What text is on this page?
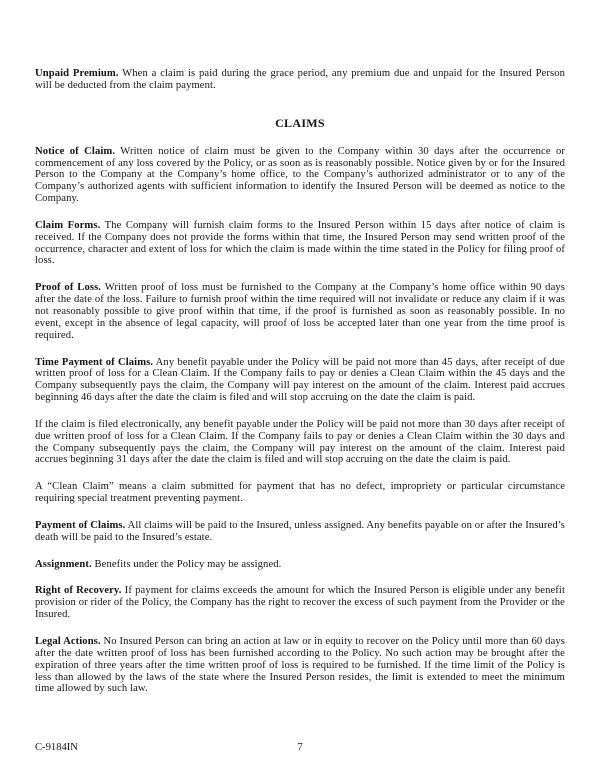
Unpaid Premium. When a claim is paid during the grace period, any premium due and unpaid for the Insured Person will be deducted from the claim payment.

CLAIMS

Notice of Claim. Written notice of claim must be given to the Company within 30 days after the occurrence or commencement of any loss covered by the Policy, or as soon as is reasonably possible. Notice given by or for the Insured Person to the Company at the Company’s home office, to the Company’s authorized administrator or to any of the Company’s authorized agents with sufficient information to identify the Insured Person will be deemed as notice to the Company.

Claim Forms. The Company will furnish claim forms to the Insured Person within 15 days after notice of claim is received. If the Company does not provide the forms within that time, the Insured Person may send written proof of the occurrence, character and extent of loss for which the claim is made within the time stated in the Policy for filing proof of loss.

Proof of Loss. Written proof of loss must be furnished to the Company at the Company’s home office within 90 days after the date of the loss. Failure to furnish proof within the time required will not invalidate or reduce any claim if it was not reasonably possible to give proof within that time, if the proof is furnished as soon as reasonably possible. In no event, except in the absence of legal capacity, will proof of loss be accepted later than one year from the time proof is required.

Time Payment of Claims. Any benefit payable under the Policy will be paid not more than 45 days, after receipt of due written proof of loss for a Clean Claim. If the Company fails to pay or denies a Clean Claim within the 45 days and the Company subsequently pays the claim, the Company will pay interest on the amount of the claim. Interest paid accrues beginning 46 days after the date the claim is filed and will stop accruing on the date the claim is paid.

If the claim is filed electronically, any benefit payable under the Policy will be paid not more than 30 days after receipt of due written proof of loss for a Clean Claim. If the Company fails to pay or denies a Clean Claim within the 30 days and the Company subsequently pays the claim, the Company will pay interest on the amount of the claim. Interest paid accrues beginning 31 days after the date the claim is filed and will stop accruing on the date the claim is paid.

A “Clean Claim” means a claim submitted for payment that has no defect, impropriety or particular circumstance requiring special treatment preventing payment.

Payment of Claims. All claims will be paid to the Insured, unless assigned. Any benefits payable on or after the Insured’s death will be paid to the Insured’s estate.

Assignment. Benefits under the Policy may be assigned.

Right of Recovery. If payment for claims exceeds the amount for which the Insured Person is eligible under any benefit provision or rider of the Policy, the Company has the right to recover the excess of such payment from the Provider or the Insured.

Legal Actions. No Insured Person can bring an action at law or in equity to recover on the Policy until more than 60 days after the date written proof of loss has been furnished according to the Policy. No such action may be brought after the expiration of three years after the time written proof of loss is required to be furnished. If the time limit of the Policy is less than allowed by the laws of the state where the Insured Person resides, the limit is extended to meet the minimum time allowed by such law.

C-9184IN	7
